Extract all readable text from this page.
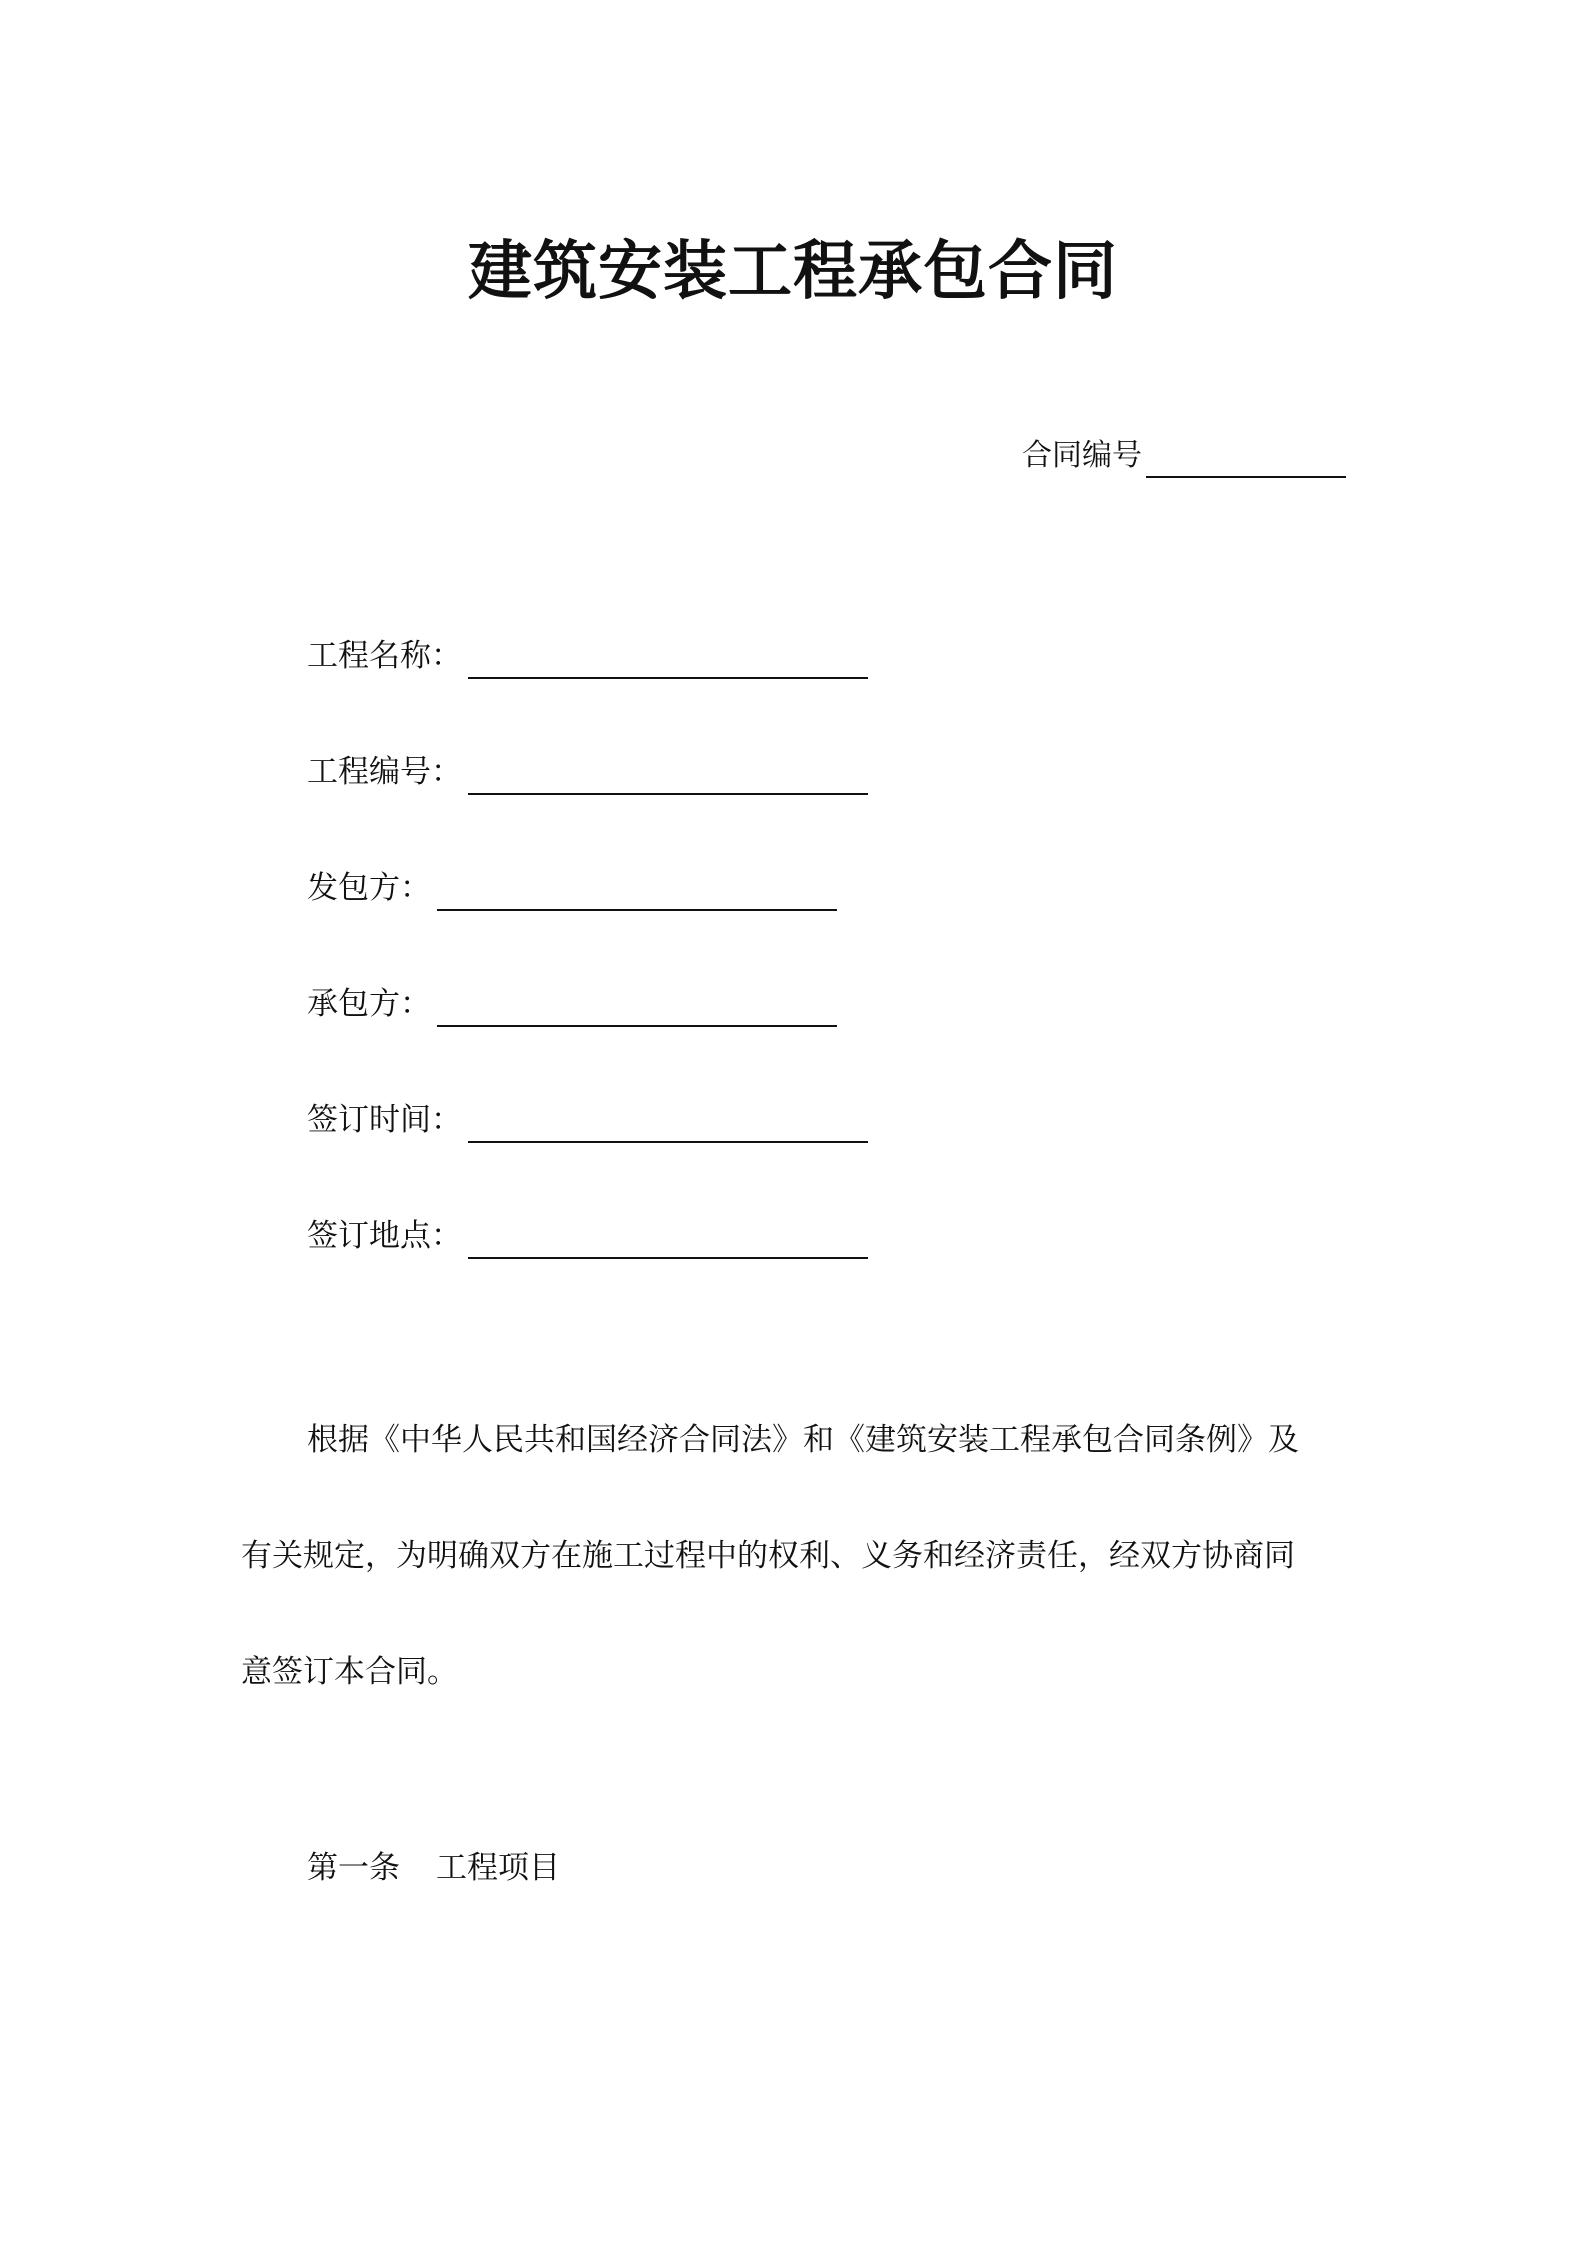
建筑安装工程承包合同
合同编号
工程名称：
工程编号：
发包方：
承包方：
签订时间：
签订地点：
根据《中华人民共和国经济合同法》和《建筑安装工程承包合同条例》及
有关规定，为明确双方在施工过程中的权利、义务和经济责任，经双方协商同
意签订本合同。
第一条 工程项目
